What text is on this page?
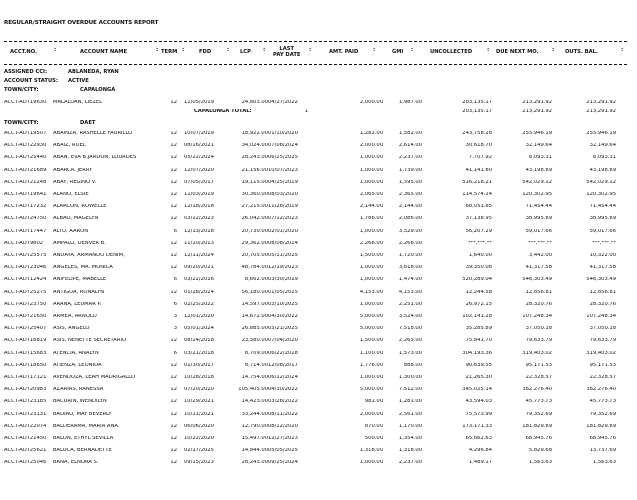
REGULAR/STRAIGHT OVERDUE ACCOUNTS REPORT
ACCT.NO.	:	ACCOUNT NAME	: TERM :	FDD	: LCP :	LAST
PAY DATE
:	AMT. PAID	:	GMI :	UNCOLLECTED	: DUE NEXT MO. : OUTS. BAL.	:
ASSIGNED CCI:	ABLANEDA, RYAN
ACCOUNT STATUS: ACTIVE
TOWN/CITY:	CAPALONGA
ACCT-ADT19630	MALALUAN, LIEZEL	12 11/05/2019	24,803.00 04/27/2022	2,000.00	1,987.00	203,135.17	213,291.92	213,291.92
CAPALONGA TOTAL:	1	203,135.17	213,291.92	213,291.92
TOWN/CITY:	DAET
ACCT-ADT19507	ABAINZA, RASHELLE FAURILLO	12 10/07/2019	18,922.00 01/10/2020	1,282.00	1,582.00	243,758.28	255,946.19	255,946.19
ACCT-ADT22930	ABAIZ, RUEL	12 08/16/2021	34,024.00 07/08/2024	2,000.00	2,614.00	30,618.70	32,149.64	32,149.64
ACCT-ADT25440	ABAN, EVA B.JARDON, LOURDES	12 05/22/2024	28,243.00 06/25/2025	1,000.00	2,237.00	7,707.92	8,093.31	8,093.31
ACCT-ADT21689	ABARCA, JERRY	12 12/07/2020	21,156.00 10/07/2023	1,000.00	1,739.00	41,141.80	43,198.89	43,198.89
ACCT-ADT21248	ABAY, REGINO V.	12 07/05/2017	19,115.00 04/25/2019	1,000.00	1,595.00	516,218.21	542,029.12	542,029.12
ACCT-ADT19641	ALANO, ELSIE	12 11/03/2019	30,360.00 08/03/2020	2,065.00	2,365.00	114,574.24	120,302.95	120,302.95
ACCT-ADT17232	ALARCON, ROWELLE	12 12/18/2018	27,215.00 11/28/2019	2,144.00	2,144.00	68,051.85	71,454.44	71,454.44
ACCT-ADT24750	ALBAO, MAGELYN	12 03/12/2023	26,042.00 07/12/2023	1,786.00	2,086.00	37,138.95	38,995.89	38,995.89
ACCT-ADT17447	ALTO, AARON	6 12/13/2018	20,730.00 02/01/2020	1,000.00	3,529.00	56,207.29	59,017.66	59,017.66
ACCT-ADT9802	AMPALO, DENVER B.	12 11/10/2013	29,362.00 08/08/2014	2,268.00	2,268.00	***,***.**	***,***.**	***,***.**
ACCT-ADT25575	ANDAYA, ARMANDO DENIM,	12 12/11/2024	20,705.00 05/11/2025	1,500.00	1,720.00	1,640.00	3,442.00	10,322.00
ACCT-ADT23046	ANGELES, MA. MONICA	12 09/20/2021	48,784.00 12/19/2023	1,000.00	3,618.00	39,350.08	41,317.58	41,317.58
ACCT-ADT12424	ANIFELIPE, MABELLE	6 03/22/2016	8,662.00 03/30/2019	1,000.00	1,474.00	520,289.04	546,303.49	546,303.49
ACCT-ADT25275	ANTIGUA, RONALYN	12 01/28/2024	56,180.00 01/05/2025	4,153.00	4,153.00	12,244.58	12,856.81	12,856.81
ACCT-ADT23750	ARANA, LEUMAR P.	6 02/25/2022	14,597.00 03/10/2025	1,000.00	2,251.00	26,972.15	28,320.76	28,320.76
ACCT-ADT21650	ARMEA, ARNOLD	3 12/01/2020	14,672.00 04/30/2022	5,000.00	3,524.00	102,141.28	107,248.34	107,248.34
ACCT-ADT25407	ASIS, ANGELO	3 05/01/2024	26,885.00 05/21/2025	5,000.00	7,518.00	35,285.89	37,050.18	37,050.18
ACCT-ADT16819	ASIS, NENETTE SECRETARIO	12 08/24/2018	23,580.00 07/04/2020	1,500.00	2,265.00	75,841.70	79,633.79	79,633.79
ACCT-ADT15683	ATENCIA, ANALYN	6 03/21/2018	8,709.00 06/22/2018	1,100.00	1,573.00	304,193.36	319,403.02	319,403.02
ACCT-ADT18650	ATIENZA, LEONIDA	12 01/30/2017	8,714.00 12/08/2017	1,776.00	888.00	90,639.55	95,171.53	95,171.53
ACCT-ADT17121	AVENDOZA, LEAH MADRIGALLO	12 10/28/2018	14,754.00 06/12/2024	1,000.00	1,300.00	21,265.30	22,328.57	22,328.57
ACCT-ADT20983	AZARIAS, RANESSA	12 07/20/2020	105,405.00 04/30/2022	5,000.00	7,512.00	345,025.14	362,276.40	362,276.40
ACCT-ADT23185	BACURIN, WENDILYN	12 10/29/2021	14,423.00 03/28/2022	981.00	1,281.00	43,594.03	45,773.73	45,773.73
ACCT-ADT23131	BADIAO, MAY BEVERLY	12 10/11/2021	33,244.00 08/11/2022	2,000.00	2,561.00	75,573.99	79,352.69	79,352.69
ACCT-ADT22074	BALDERAMA, MARIA ANA	12 06/06/2020	12,790.00 08/12/2020	870.00	1,170.00	173,171.33	181,829.89	181,829.89
ACCT-ADT21450	BALON, ETHYL SEVILLA	12 10/22/2020	15,497.00 12/27/2023	500.00	1,354.00	65,662.63	68,945.76	68,945.76
ACCT-ADT25621	BALUCA, BERNADETTE	12 02/17/2025	14,844.00 05/05/2025	1,318.00	1,318.00	4,296.84	5,829.68	13,737.69
ACCT-ADT25046	BANA, ELNORA S.	12 09/15/2023	28,243.00 09/25/2024	1,000.00	2,237.00	1,489.17	1,563.63	1,563.63
